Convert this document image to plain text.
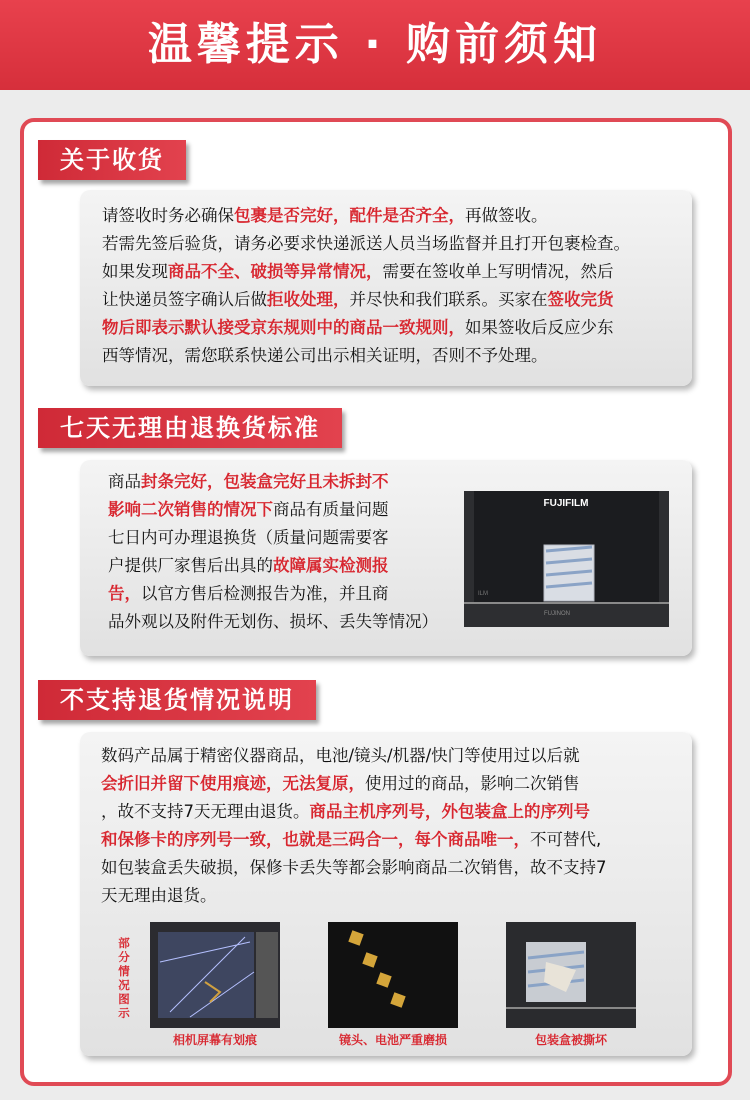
温馨提示 · 购前须知
关于收货

请签收时务必确保包裹是否完好，配件是否齐全，再做签收。

若需先签后验货，请务必要求快递派送人员当场监督并且打开包裹检查。

如果发现商品不全、破损等异常情况，需要在签收单上写明情况，然后

让快递员签字确认后做拒收处理，并尽快和我们联系。买家在签收完货

物后即表示默认接受京东规则中的商品一致规则，如果签收后反应少东

西等情况，需您联系快递公司出示相关证明，否则不予处理。

七天无理由退换货标准

商品封条完好，包装盒完好且未拆封不

影响二次销售的情况下商品有质量问题

七日内可办理退换货（质量问题需要客

户提供厂家售后出具的故障属实检测报

告，以官方售后检测报告为准，并且商

品外观以及附件无划伤、损坏、丢失等情况）

FUJIFILM
ILM
FUJINON
不支持退货情况说明

数码产品属于精密仪器商品，电池/镜头/机器/快门等使用过以后就

会折旧并留下使用痕迹，无法复原，使用过的商品，影响二次销售

，故不支持7天无理由退货。商品主机序列号，外包装盒上的序列号

和保修卡的序列号一致，也就是三码合一，每个商品唯一，不可替代,

如包装盒丢失破损，保修卡丢失等都会影响商品二次销售，故不支持7

天无理由退货。

部分情况图示
相机屏幕有划痕	镜头、电池严重磨损	包装盒被撕坏
